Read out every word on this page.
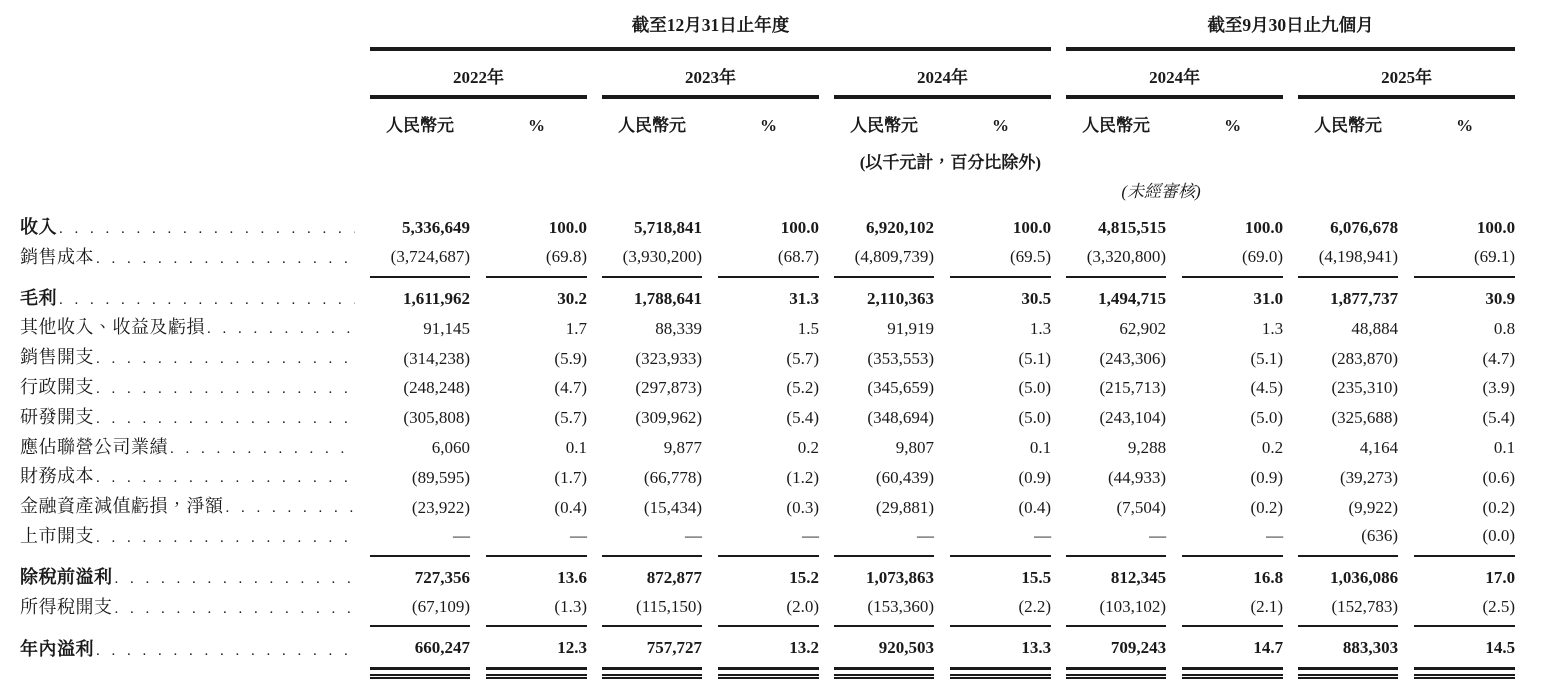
		截至12月31日止年度												截至9月30日止九個月						
		2022年				2023年				2024年				2024年				2025年		
		人民幣元		%		人民幣元		%		人民幣元		%		人民幣元		%		人民幣元		%
	(以千元計，百分比除外)																			
													(未經審核)							

收入
. . .		5,336,649		100.0		5,718,841		100.0		6,920,102		100.0		4,815,515		100.0		6,076,678		100.0

銷售成本
. . .		(3,724,687)		(69.8)		(3,930,200)		(68.7)		(4,809,739)		(69.5)		(3,320,800)		(69.0)		(4,198,941)		(69.1)

毛利
. . .		1,611,962		30.2		1,788,641		31.3		2,110,363		30.5		1,494,715		31.0		1,877,737		30.9

其他收入、收益及虧損
. . .		91,145		1.7		88,339		1.5		91,919		1.3		62,902		1.3		48,884		0.8

銷售開支
. . .		(314,238)		(5.9)		(323,933)		(5.7)		(353,553)		(5.1)		(243,306)		(5.1)		(283,870)		(4.7)

行政開支
. . .		(248,248)		(4.7)		(297,873)		(5.2)		(345,659)		(5.0)		(215,713)		(4.5)		(235,310)		(3.9)

研發開支
. . .		(305,808)		(5.7)		(309,962)		(5.4)		(348,694)		(5.0)		(243,104)		(5.0)		(325,688)		(5.4)

應佔聯營公司業績
. . .		6,060		0.1		9,877		0.2		9,807		0.1		9,288		0.2		4,164		0.1

財務成本
. . .		(89,595)		(1.7)		(66,778)		(1.2)		(60,439)		(0.9)		(44,933)		(0.9)		(39,273)		(0.6)

金融資產減值虧損，淨額
. . .		(23,922)		(0.4)		(15,434)		(0.3)		(29,881)		(0.4)		(7,504)		(0.2)		(9,922)		(0.2)

上市開支
. . .		—		—		—		—		—		—		—		—		(636)		(0.0)

除稅前溢利
. . .		727,356		13.6		872,877		15.2		1,073,863		15.5		812,345		16.8		1,036,086		17.0

所得稅開支
. . .		(67,109)		(1.3)		(115,150)		(2.0)		(153,360)		(2.2)		(103,102)		(2.1)		(152,783)		(2.5)

年內溢利
. . .		660,247		12.3		757,727		13.2		920,503		13.3		709,243		14.7		883,303		14.5
